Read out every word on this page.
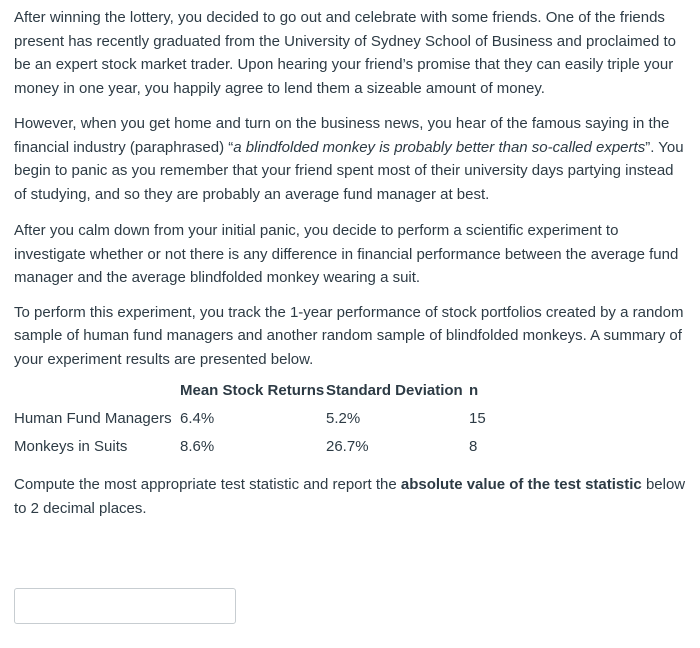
After winning the lottery, you decided to go out and celebrate with some friends. One of the friends present has recently graduated from the University of Sydney School of Business and proclaimed to be an expert stock market trader. Upon hearing your friend’s promise that they can easily triple your money in one year, you happily agree to lend them a sizeable amount of money.

However, when you get home and turn on the business news, you hear of the famous saying in the financial industry (paraphrased) “a blindfolded monkey is probably better than so-called experts”. You begin to panic as you remember that your friend spent most of their university days partying instead of studying, and so they are probably an average fund manager at best.

After you calm down from your initial panic, you decide to perform a scientific experiment to investigate whether or not there is any difference in financial performance between the average fund manager and the average blindfolded monkey wearing a suit.

To perform this experiment, you track the 1-year performance of stock portfolios created by a random sample of human fund managers and another random sample of blindfolded monkeys. A summary of your experiment results are presented below.

	Mean Stock Returns	Standard Deviation	n
Human Fund Managers	6.4%	5.2%	15
Monkeys in Suits	8.6%	26.7%	8

Compute the most appropriate test statistic and report the absolute value of the test statistic below to 2 decimal places.
